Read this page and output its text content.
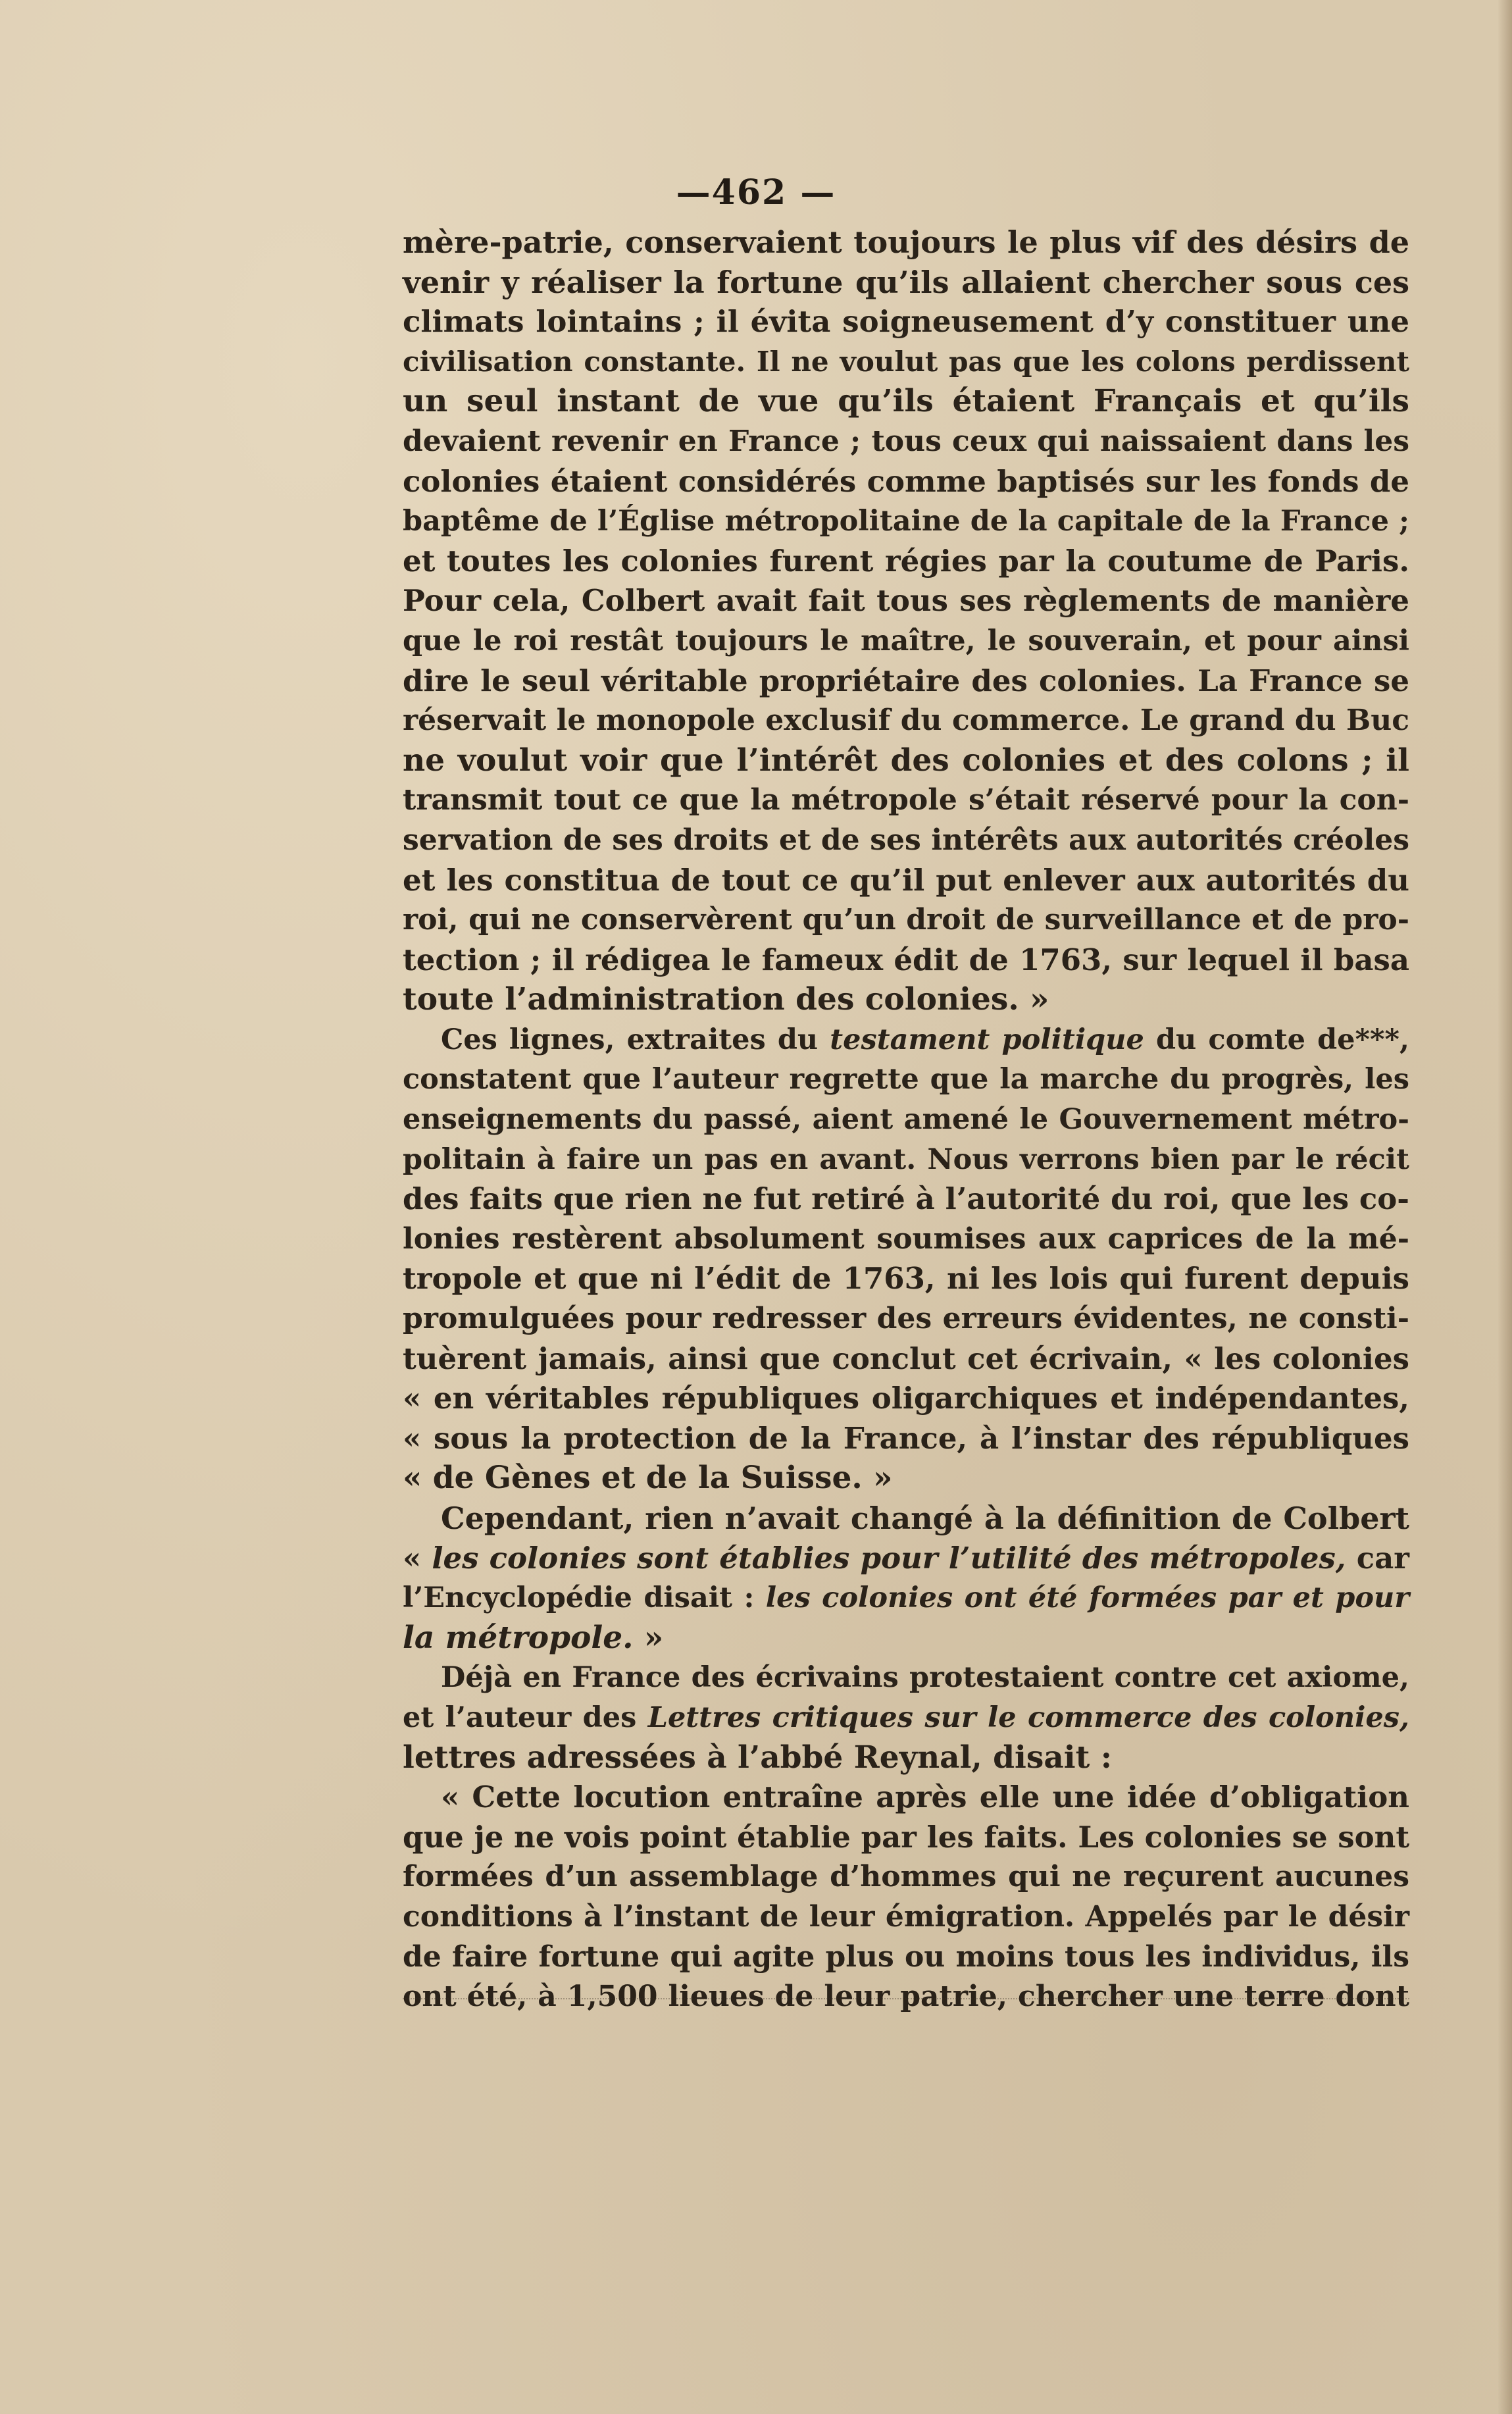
—462 —
mère-patrie, conservaient toujours le plus vif des désirs de
venir y réaliser la fortune qu’ils allaient chercher sous ces
climats lointains ; il évita soigneusement d’y constituer une
civilisation constante. Il ne voulut pas que les colons perdissent
un seul instant de vue qu’ils étaient Français et qu’ils
devaient revenir en France ; tous ceux qui naissaient dans les
colonies étaient considérés comme baptisés sur les fonds de
baptême de l’Église métropolitaine de la capitale de la France ;
et toutes les colonies furent régies par la coutume de Paris.
Pour cela, Colbert avait fait tous ses règlements de manière
que le roi restât toujours le maître, le souverain, et pour ainsi
dire le seul véritable propriétaire des colonies. La France se
réservait le monopole exclusif du commerce. Le grand du Buc
ne voulut voir que l’intérêt des colonies et des colons ; il
transmit tout ce que la métropole s’était réservé pour la con-
servation de ses droits et de ses intérêts aux autorités créoles
et les constitua de tout ce qu’il put enlever aux autorités du
roi, qui ne conservèrent qu’un droit de surveillance et de pro-
tection ; il rédigea le fameux édit de 1763, sur lequel il basa
toute l’administration des colonies. »
Ces lignes, extraites du testament politique du comte de***,
constatent que l’auteur regrette que la marche du progrès, les
enseignements du passé, aient amené le Gouvernement métro-
politain à faire un pas en avant. Nous verrons bien par le récit
des faits que rien ne fut retiré à l’autorité du roi, que les co-
lonies restèrent absolument soumises aux caprices de la mé-
tropole et que ni l’édit de 1763, ni les lois qui furent depuis
promulguées pour redresser des erreurs évidentes, ne consti-
tuèrent jamais, ainsi que conclut cet écrivain, « les colonies
« en véritables républiques oligarchiques et indépendantes,
« sous la protection de la France, à l’instar des républiques
« de Gènes et de la Suisse. »
Cependant, rien n’avait changé à la définition de Colbert
« les colonies sont établies pour l’utilité des métropoles, car
l’Encyclopédie disait : les colonies ont été formées par et pour
la métropole. »
Déjà en France des écrivains protestaient contre cet axiome,
et l’auteur des Lettres critiques sur le commerce des colonies,
lettres adressées à l’abbé Reynal, disait :
« Cette locution entraîne après elle une idée d’obligation
que je ne vois point établie par les faits. Les colonies se sont
formées d’un assemblage d’hommes qui ne reçurent aucunes
conditions à l’instant de leur émigration. Appelés par le désir
de faire fortune qui agite plus ou moins tous les individus, ils
ont été, à 1,500 lieues de leur patrie, chercher une terre dont
